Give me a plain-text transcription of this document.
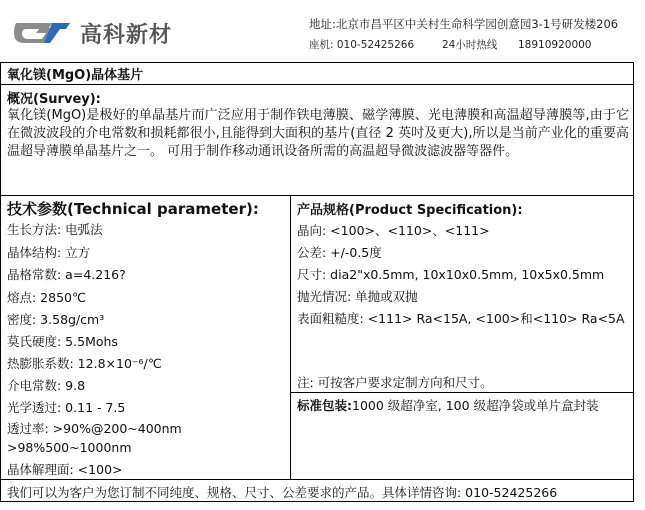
高科新材	地址:北京市昌平区中关村生命科学园创意园3-1号研发楼206
座机: 010-52425266	24小时热线 18910920000
氧化镁(MgO)晶体基片
概况(Survey):
氧化镁(MgO)是极好的单晶基片而广泛应用于制作铁电薄膜、磁学薄膜、光电薄膜和高温超导薄膜等,由于它在微波波段的介电常数和损耗都很小,且能得到大面积的基片(直径 2 英吋及更大),所以是当前产业化的重要高温超导薄膜单晶基片之一。 可用于制作移动通讯设备所需的高温超导微波滤波器等器件。
技术参数(Technical parameter):
生长方法: 电弧法
晶体结构: 立方
晶格常数: a=4.216?
熔点: 2850℃
密度: 3.58g/cm³
莫氏硬度: 5.5Mohs
热膨胀系数: 12.8×10⁻⁶/℃
介电常数: 9.8
光学透过: 0.11 - 7.5
透过率: >90%@200~400nm
>98%500~1000nm
晶体解理面: <100>
产品规格(Product Specification):
晶向: <100>、<110>、<111>
公差: +/-0.5度
尺寸: dia2"x0.5mm, 10x10x0.5mm, 10x5x0.5mm
抛光情况: 单抛或双抛
表面粗糙度: <111> Ra<15A, <100>和<110> Ra<5A
注: 可按客户要求定制方向和尺寸。
标准包装:1000 级超净室, 100 级超净袋或单片盒封装
我们可以为客户为您订制不同纯度、规格、尺寸、公差要求的产品。具体详情咨询: 010-52425266
